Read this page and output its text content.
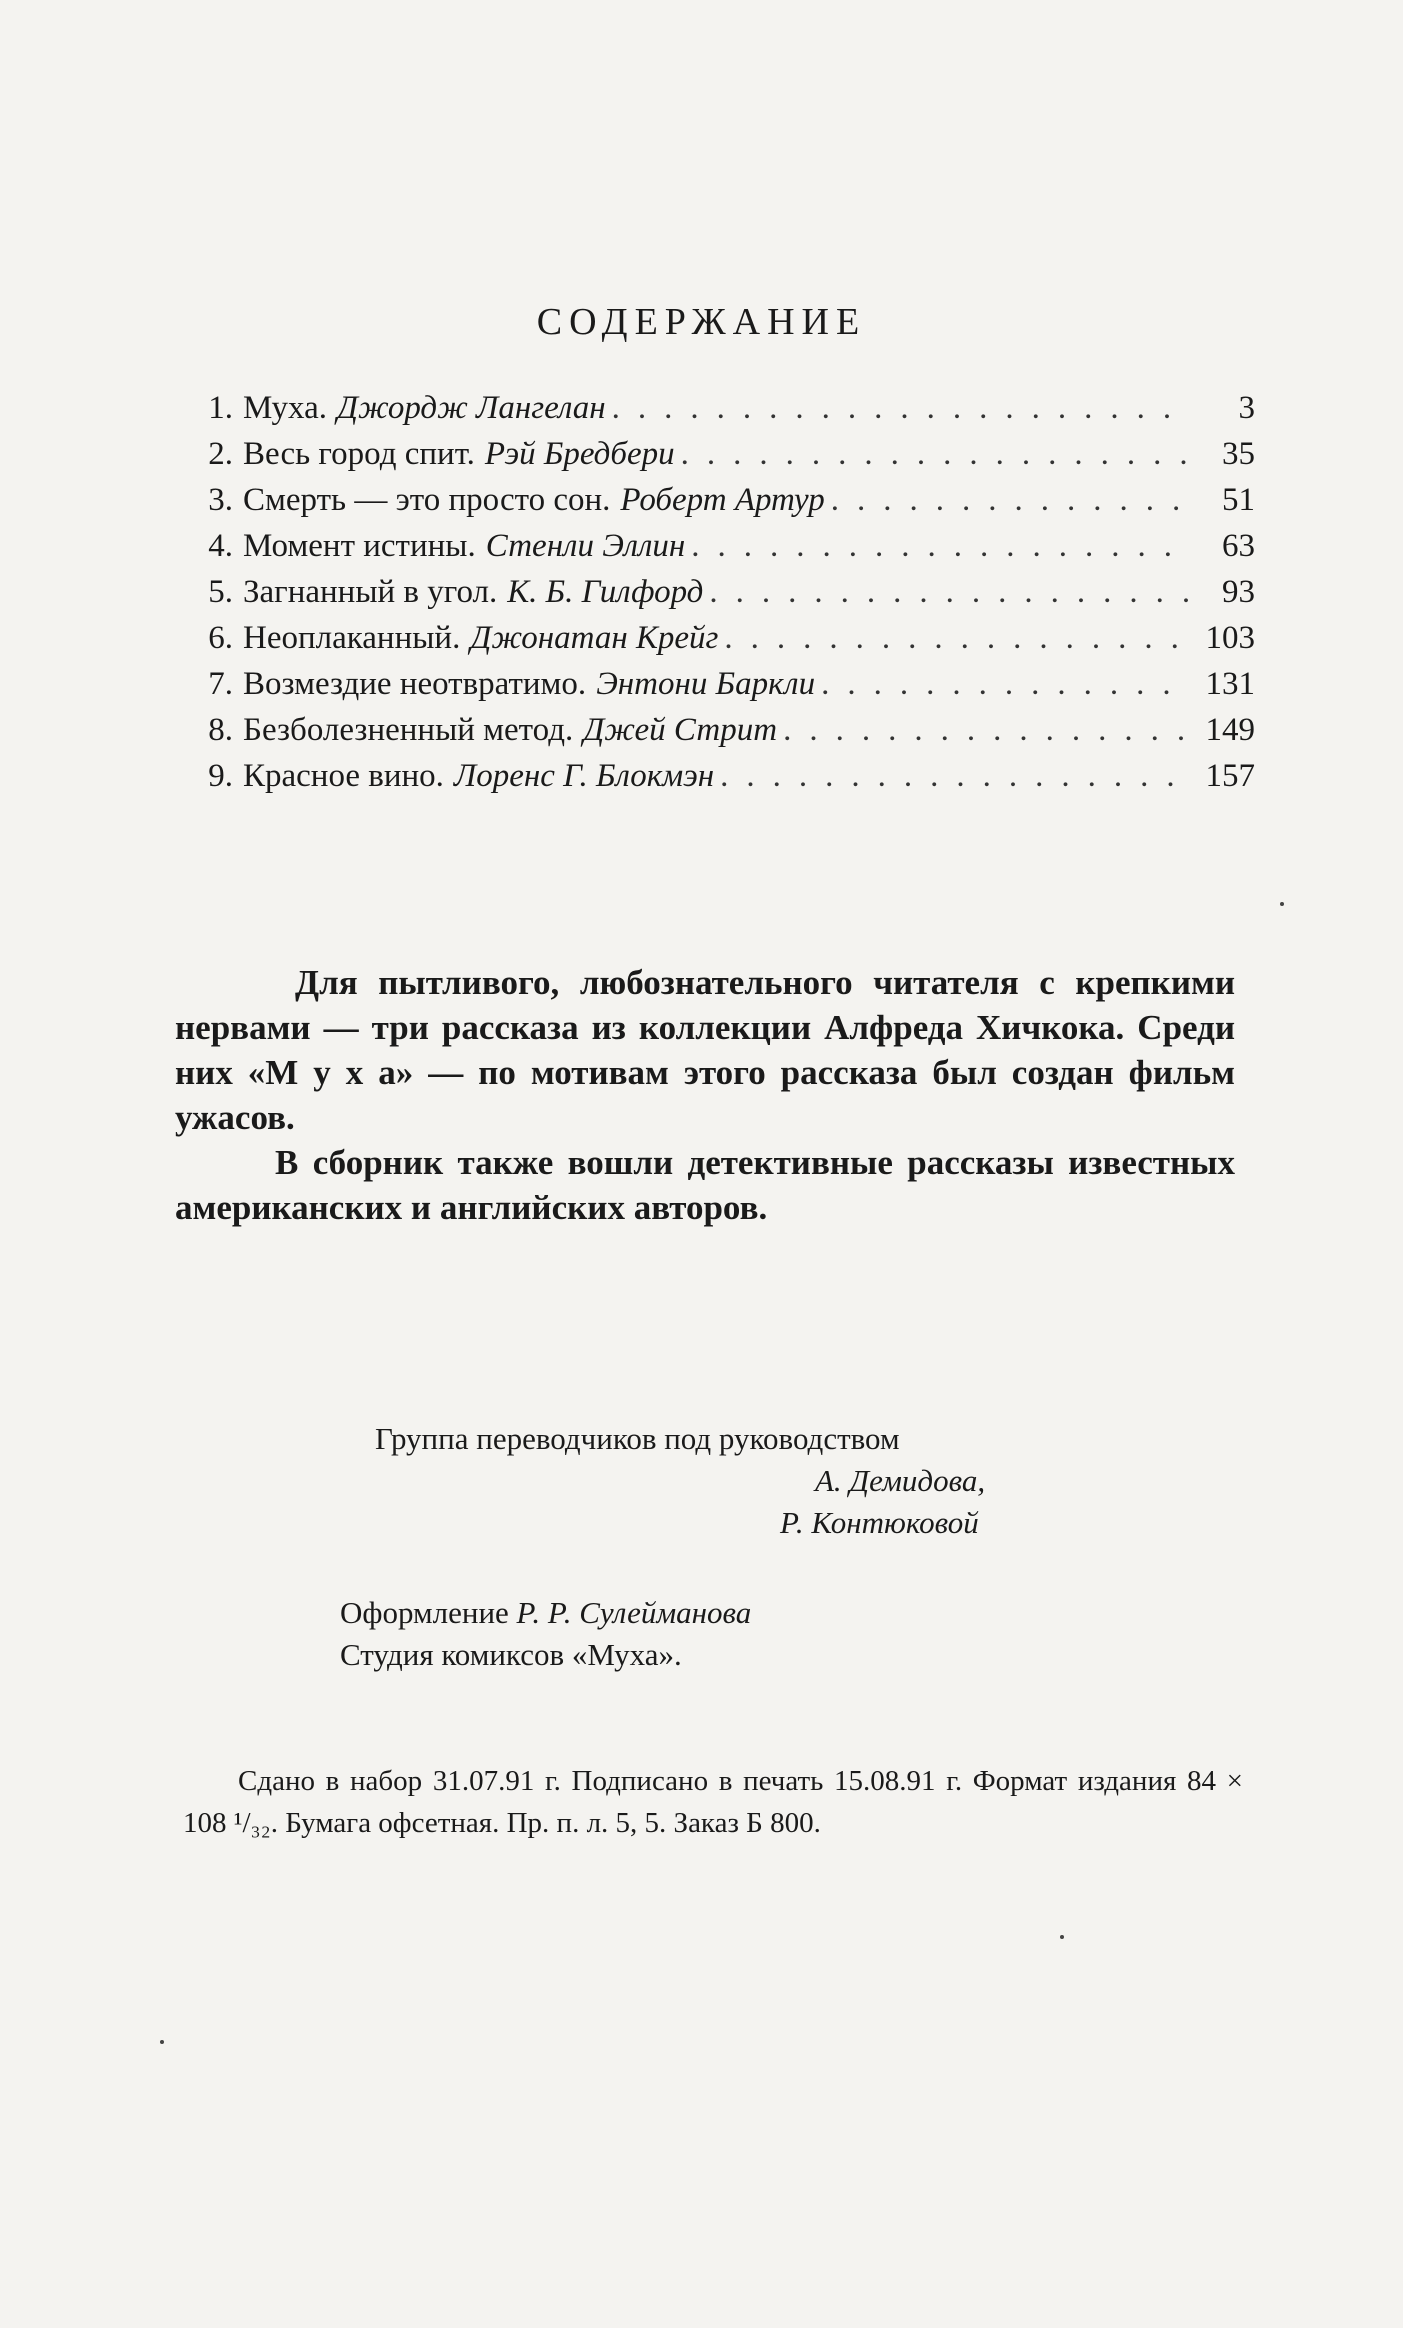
СОДЕРЖАНИЕ
1. Муха. Джордж Лангелан .....	3
2. Весь город спит. Рэй Бредбери .....	35
3. Смерть — это просто сон. Роберт Артур .....	51
4. Момент истины. Стенли Эллин .....	63
5. Загнанный в угол. К. Б. Гилфорд .....	93
6. Неоплаканный. Джонатан Крейг .....	103
7. Возмездие неотвратимо. Энтони Баркли .....	131
8. Безболезненный метод. Джей Стрит .....	149
9. Красное вино. Лоренс Г. Блокмэн .....	157

Для пытливого, любознательного читателя с крепкими нервами — три рассказа из коллекции Алфреда Хичкока. Среди них «М у х а» — по мотивам этого рассказа был создан фильм ужасов.

В сборник также вошли детективные рассказы известных американских и английских авторов.

Группа переводчиков под руководством
А. Демидова,
Р. Контюковой
Оформление Р. Р. Сулейманова
Студия комиксов «Муха».

Сдано в набор 31.07.91 г. Подписано в печать 15.08.91 г. Формат издания 84 × 108 ¹/₃₂. Бумага офсетная. Пр. п. л. 5, 5. Заказ Б 800.
